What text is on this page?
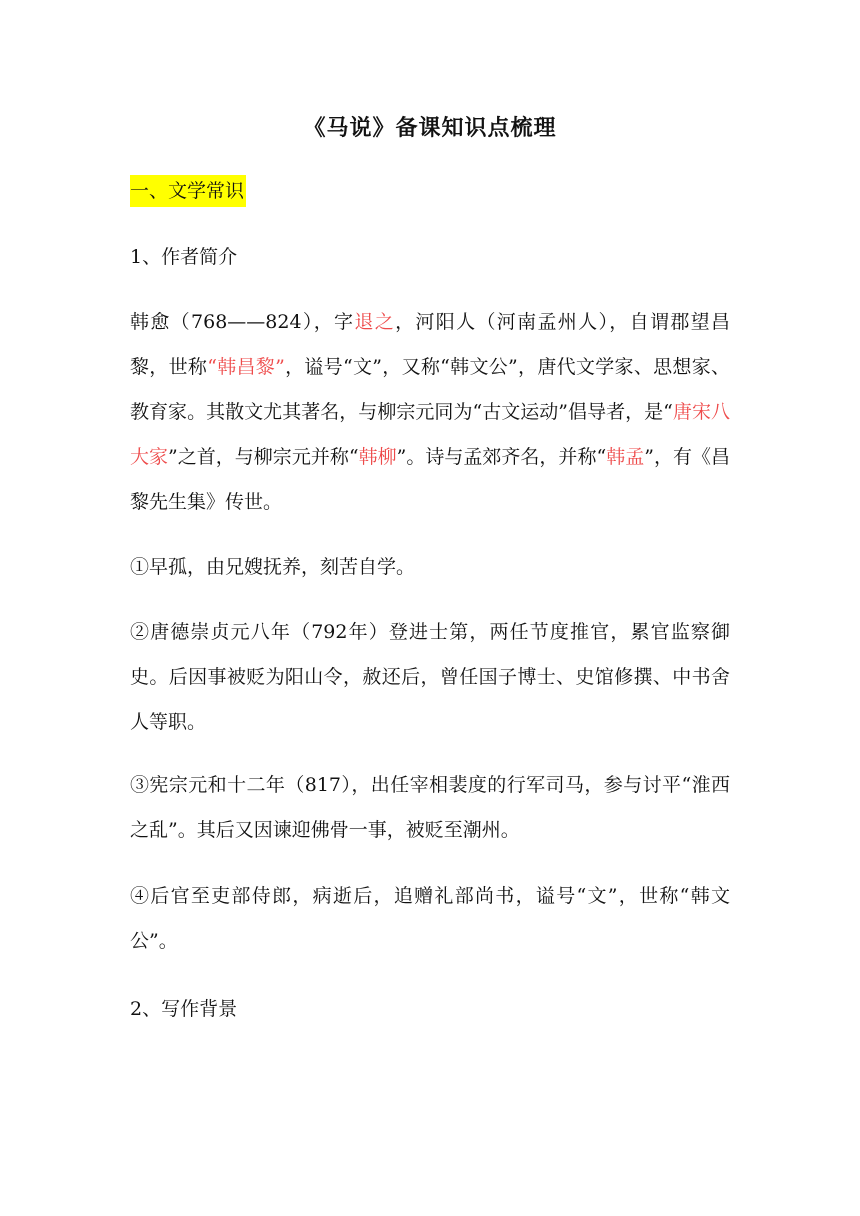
《马说》备课知识点梳理
一、文学常识
1、作者简介
韩愈（768——824），字退之，河阳人（河南孟州人），自谓郡望昌黎，世称“韩昌黎”，谥号“文”，又称“韩文公”，唐代文学家、思想家、教育家。其散文尤其著名，与柳宗元同为“古文运动”倡导者，是“唐宋八大家”之首，与柳宗元并称“韩柳”。诗与孟郊齐名，并称“韩孟”，有《昌黎先生集》传世。
①早孤，由兄嫂抚养，刻苦自学。
②唐德崇贞元八年（792年）登进士第，两任节度推官，累官监察御史。后因事被贬为阳山令，赦还后，曾任国子博士、史馆修撰、中书舍人等职。
③宪宗元和十二年（817），出任宰相裴度的行军司马，参与讨平“淮西之乱”。其后又因谏迎佛骨一事，被贬至潮州。
④后官至吏部侍郎，病逝后，追赠礼部尚书，谥号“文”，世称“韩文公”。
2、写作背景
